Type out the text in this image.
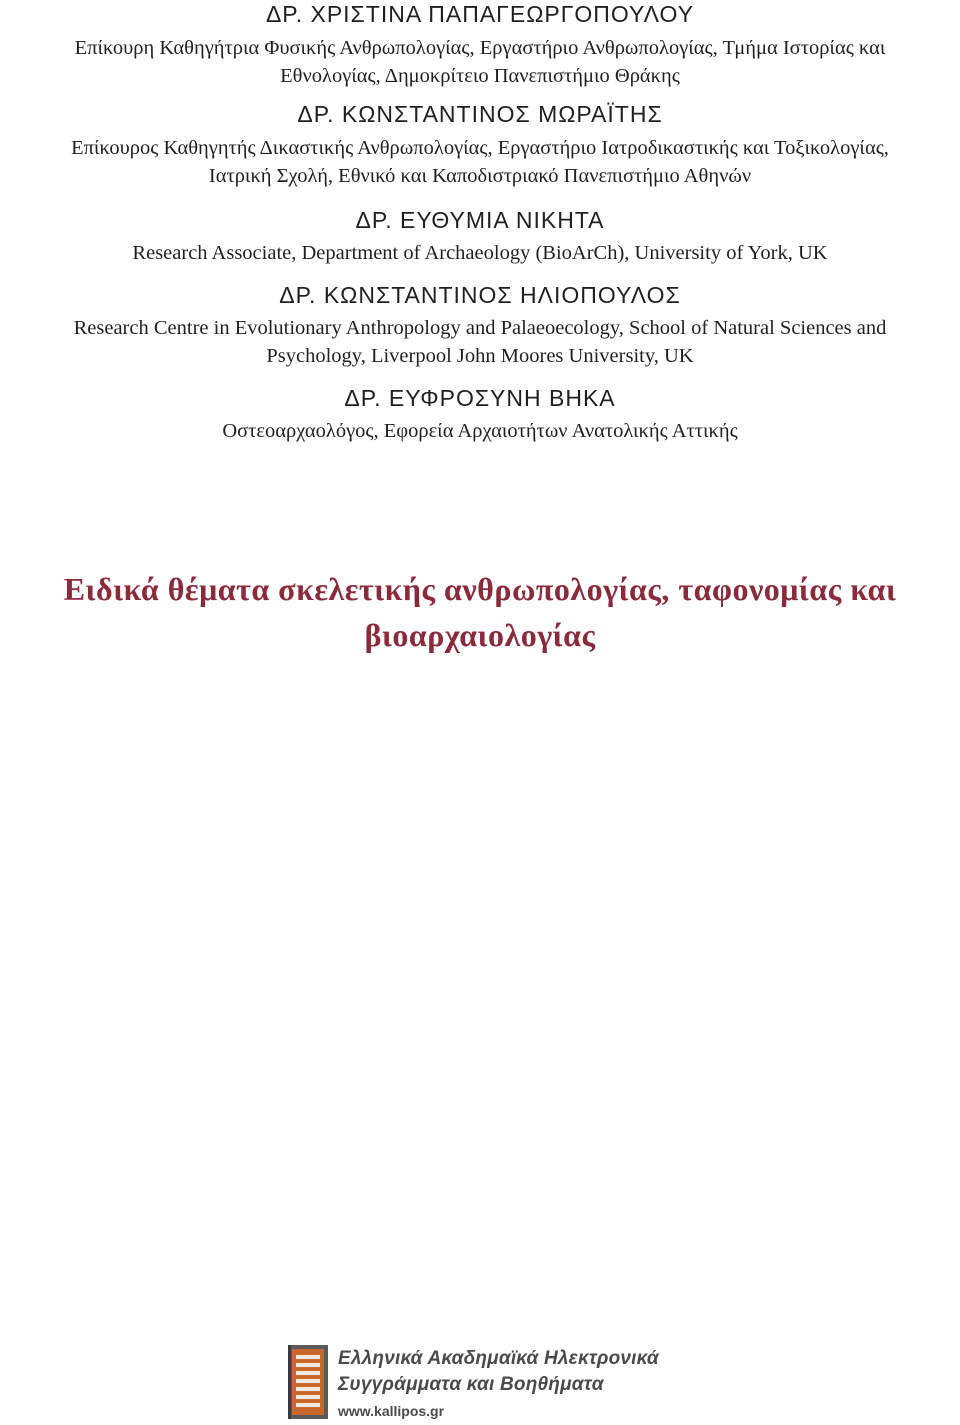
ΔΡ. ΧΡΙΣΤΙΝΑ ΠΑΠΑΓΕΩΡΓΟΠΟΥΛΟΥ
Επίκουρη Καθηγήτρια Φυσικής Ανθρωπολογίας, Εργαστήριο Ανθρωπολογίας, Τμήμα Ιστορίας και
Εθνολογίας, Δημοκρίτειο Πανεπιστήμιο Θράκης
ΔΡ. ΚΩΝΣΤΑΝΤΙΝΟΣ ΜΩΡΑΪΤΗΣ
Επίκουρος Καθηγητής Δικαστικής Ανθρωπολογίας, Εργαστήριο Ιατροδικαστικής και Τοξικολογίας,
Ιατρική Σχολή, Εθνικό και Καποδιστριακό Πανεπιστήμιο Αθηνών
ΔΡ. ΕΥΘΥΜΙΑ ΝΙΚΗΤΑ
Research Associate, Department of Archaeology (BioArCh), University of York, UK
ΔΡ. ΚΩΝΣΤΑΝΤΙΝΟΣ ΗΛΙΟΠΟΥΛΟΣ
Research Centre in Evolutionary Anthropology and Palaeoecology, School of Natural Sciences and
Psychology, Liverpool John Moores University, UK
ΔΡ. ΕΥΦΡΟΣΥΝΗ ΒΗΚΑ
Οστεοαρχαολόγος, Εφορεία Αρχαιοτήτων Ανατολικής Αττικής
Ειδικά θέματα σκελετικής ανθρωπολογίας, ταφονομίας και
βιοαρχαιολογίας
Ελληνικά Ακαδημαϊκά Ηλεκτρονικά
Συγγράμματα και Βοηθήματα
www.kallipos.gr
